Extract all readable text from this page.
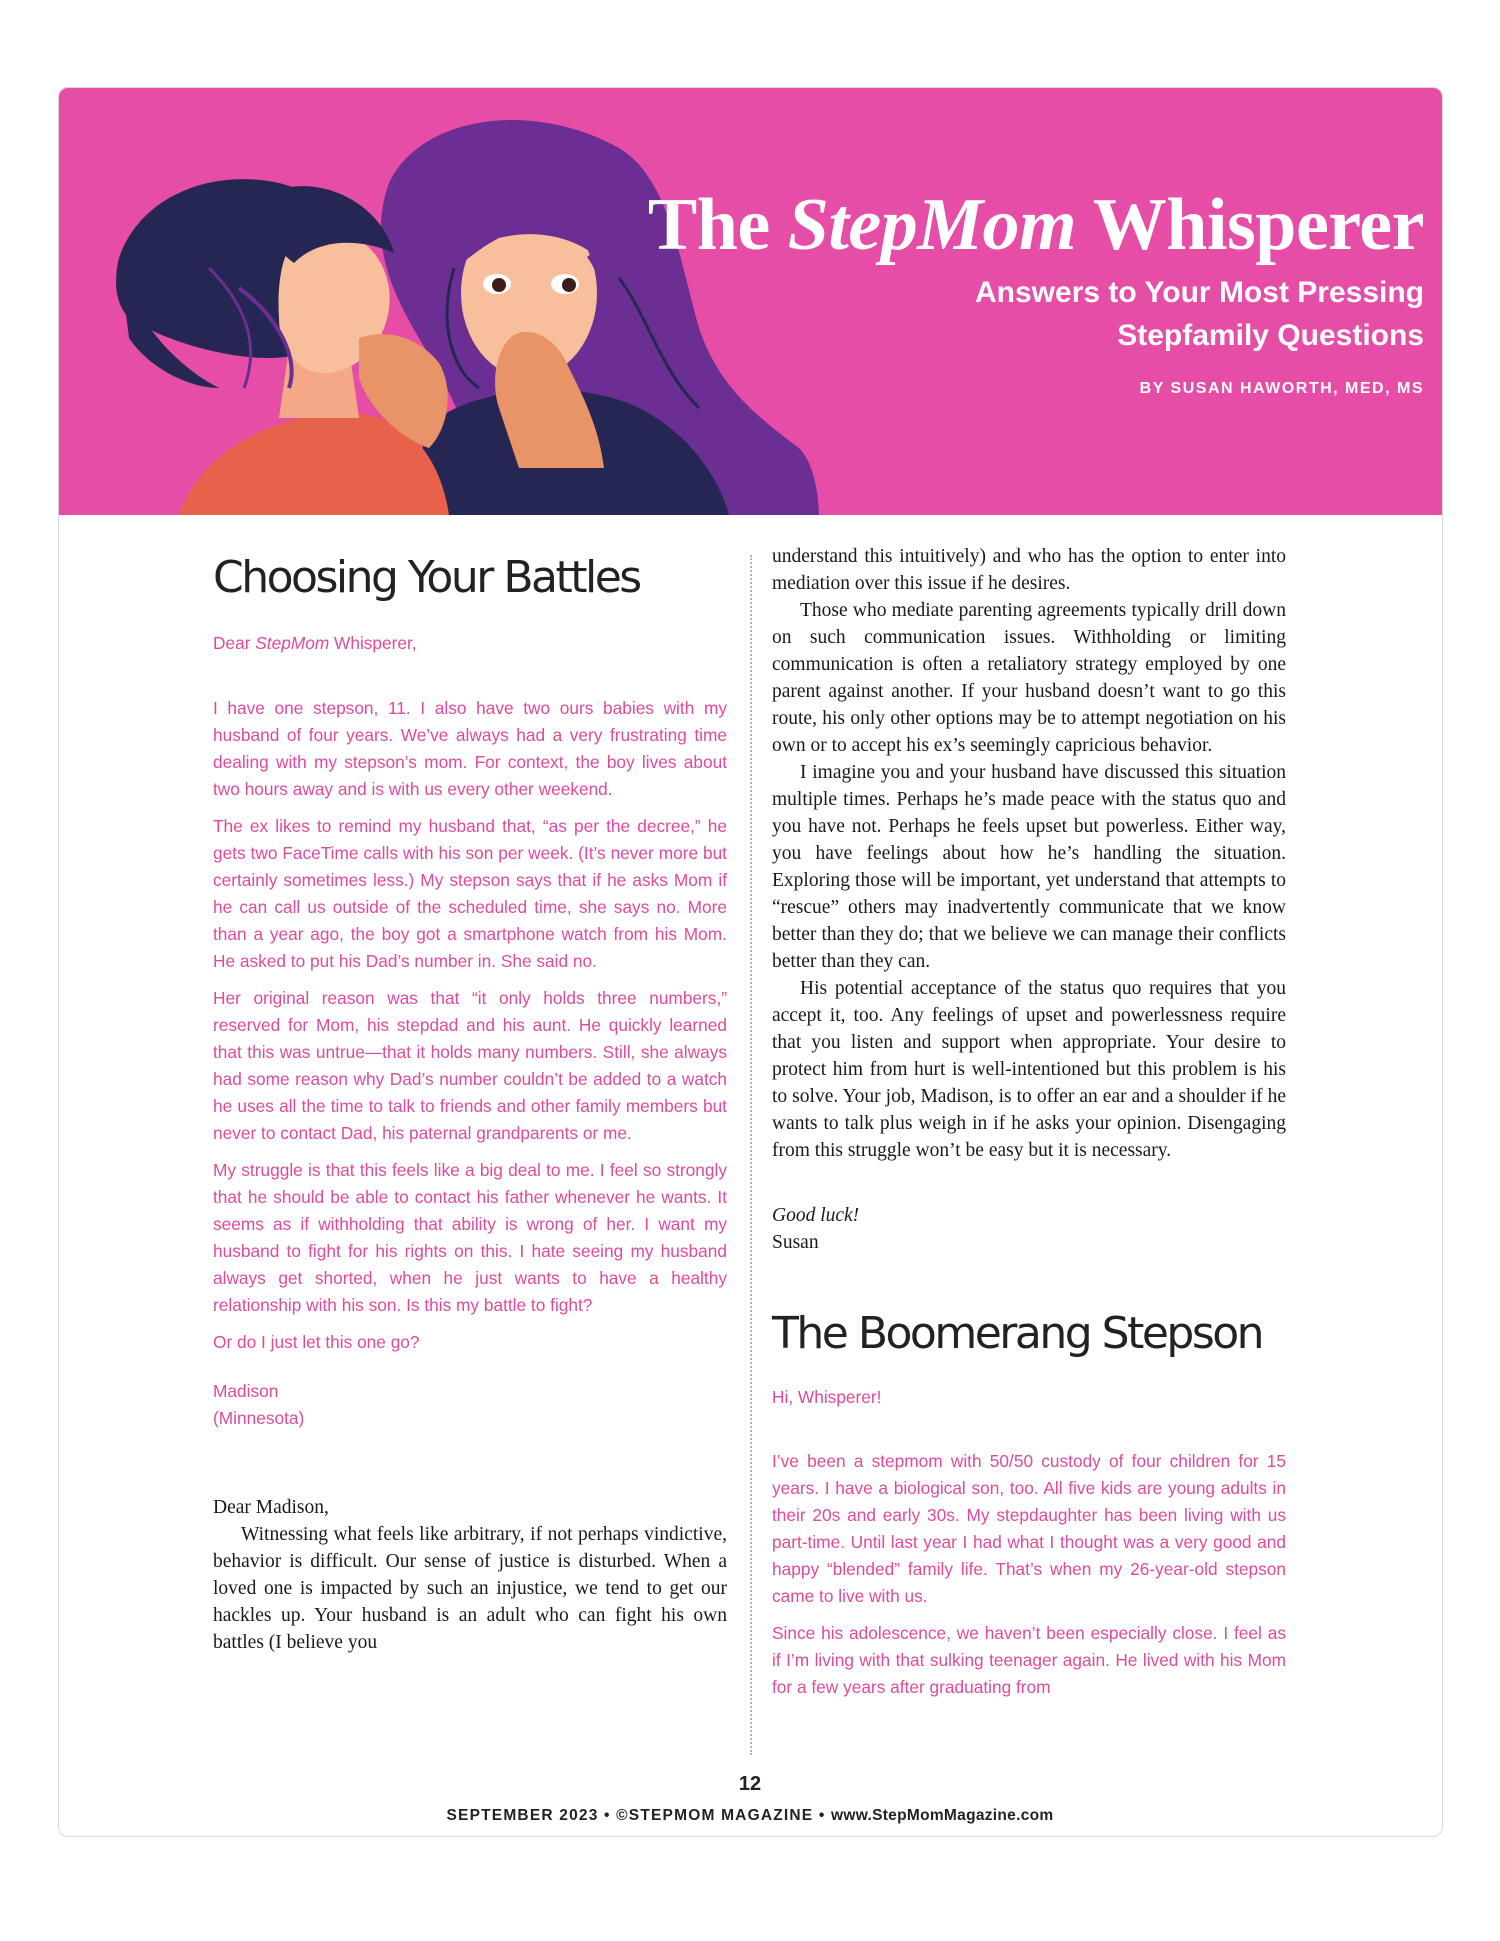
The StepMom Whisperer

Answers to Your Most Pressing
Stepfamily Questions

BY SUSAN HAWORTH, MED, MS

Choosing Your Battles

Dear StepMom Whisperer,

I have one stepson, 11. I also have two ours babies with my husband of four years. We’ve always had a very frustrating time dealing with my stepson’s mom. For context, the boy lives about two hours away and is with us every other weekend.

The ex likes to remind my husband that, “as per the decree,” he gets two FaceTime calls with his son per week. (It’s never more but certainly sometimes less.) My stepson says that if he asks Mom if he can call us outside of the scheduled time, she says no. More than a year ago, the boy got a smartphone watch from his Mom. He asked to put his Dad’s number in. She said no.

Her original reason was that “it only holds three numbers,” reserved for Mom, his stepdad and his aunt. He quickly learned that this was untrue—that it holds many numbers. Still, she always had some reason why Dad’s number couldn’t be added to a watch he uses all the time to talk to friends and other family members but never to contact Dad, his paternal grandparents or me.

My struggle is that this feels like a big deal to me. I feel so strongly that he should be able to contact his father whenever he wants. It seems as if withholding that ability is wrong of her. I want my husband to fight for his rights on this. I hate seeing my husband always get shorted, when he just wants to have a healthy relationship with his son. Is this my battle to fight?

Or do I just let this one go?

Madison
(Minnesota)

Dear Madison,

Witnessing what feels like arbitrary, if not perhaps vindictive, behavior is difficult. Our sense of justice is disturbed. When a loved one is impacted by such an injustice, we tend to get our hackles up. Your husband is an adult who can fight his own battles (I believe you

understand this intuitively) and who has the option to enter into mediation over this issue if he desires.

Those who mediate parenting agreements typically drill down on such communication issues. Withholding or limiting communication is often a retaliatory strategy employed by one parent against another. If your husband doesn’t want to go this route, his only other options may be to attempt negotiation on his own or to accept his ex’s seemingly capricious behavior.

I imagine you and your husband have discussed this situation multiple times. Perhaps he’s made peace with the status quo and you have not. Perhaps he feels upset but powerless. Either way, you have feelings about how he’s handling the situation. Exploring those will be important, yet understand that attempts to “rescue” others may inadvertently communicate that we know better than they do; that we believe we can manage their conflicts better than they can.

His potential acceptance of the status quo requires that you accept it, too. Any feelings of upset and powerlessness require that you listen and support when appropriate. Your desire to protect him from hurt is well-intentioned but this problem is his to solve. Your job, Madison, is to offer an ear and a shoulder if he wants to talk plus weigh in if he asks your opinion. Disengaging from this struggle won’t be easy but it is necessary.

Good luck!
Susan

The Boomerang Stepson

Hi, Whisperer!

I’ve been a stepmom with 50/50 custody of four children for 15 years. I have a biological son, too. All five kids are young adults in their 20s and early 30s. My stepdaughter has been living with us part-time. Until last year I had what I thought was a very good and happy “blended” family life. That’s when my 26-year-old stepson came to live with us.

Since his adolescence, we haven’t been especially close. I feel as if I’m living with that sulking teenager again. He lived with his Mom for a few years after graduating from

12

SEPTEMBER 2023 • ©STEPMOM MAGAZINE • www.StepMomMagazine.com
